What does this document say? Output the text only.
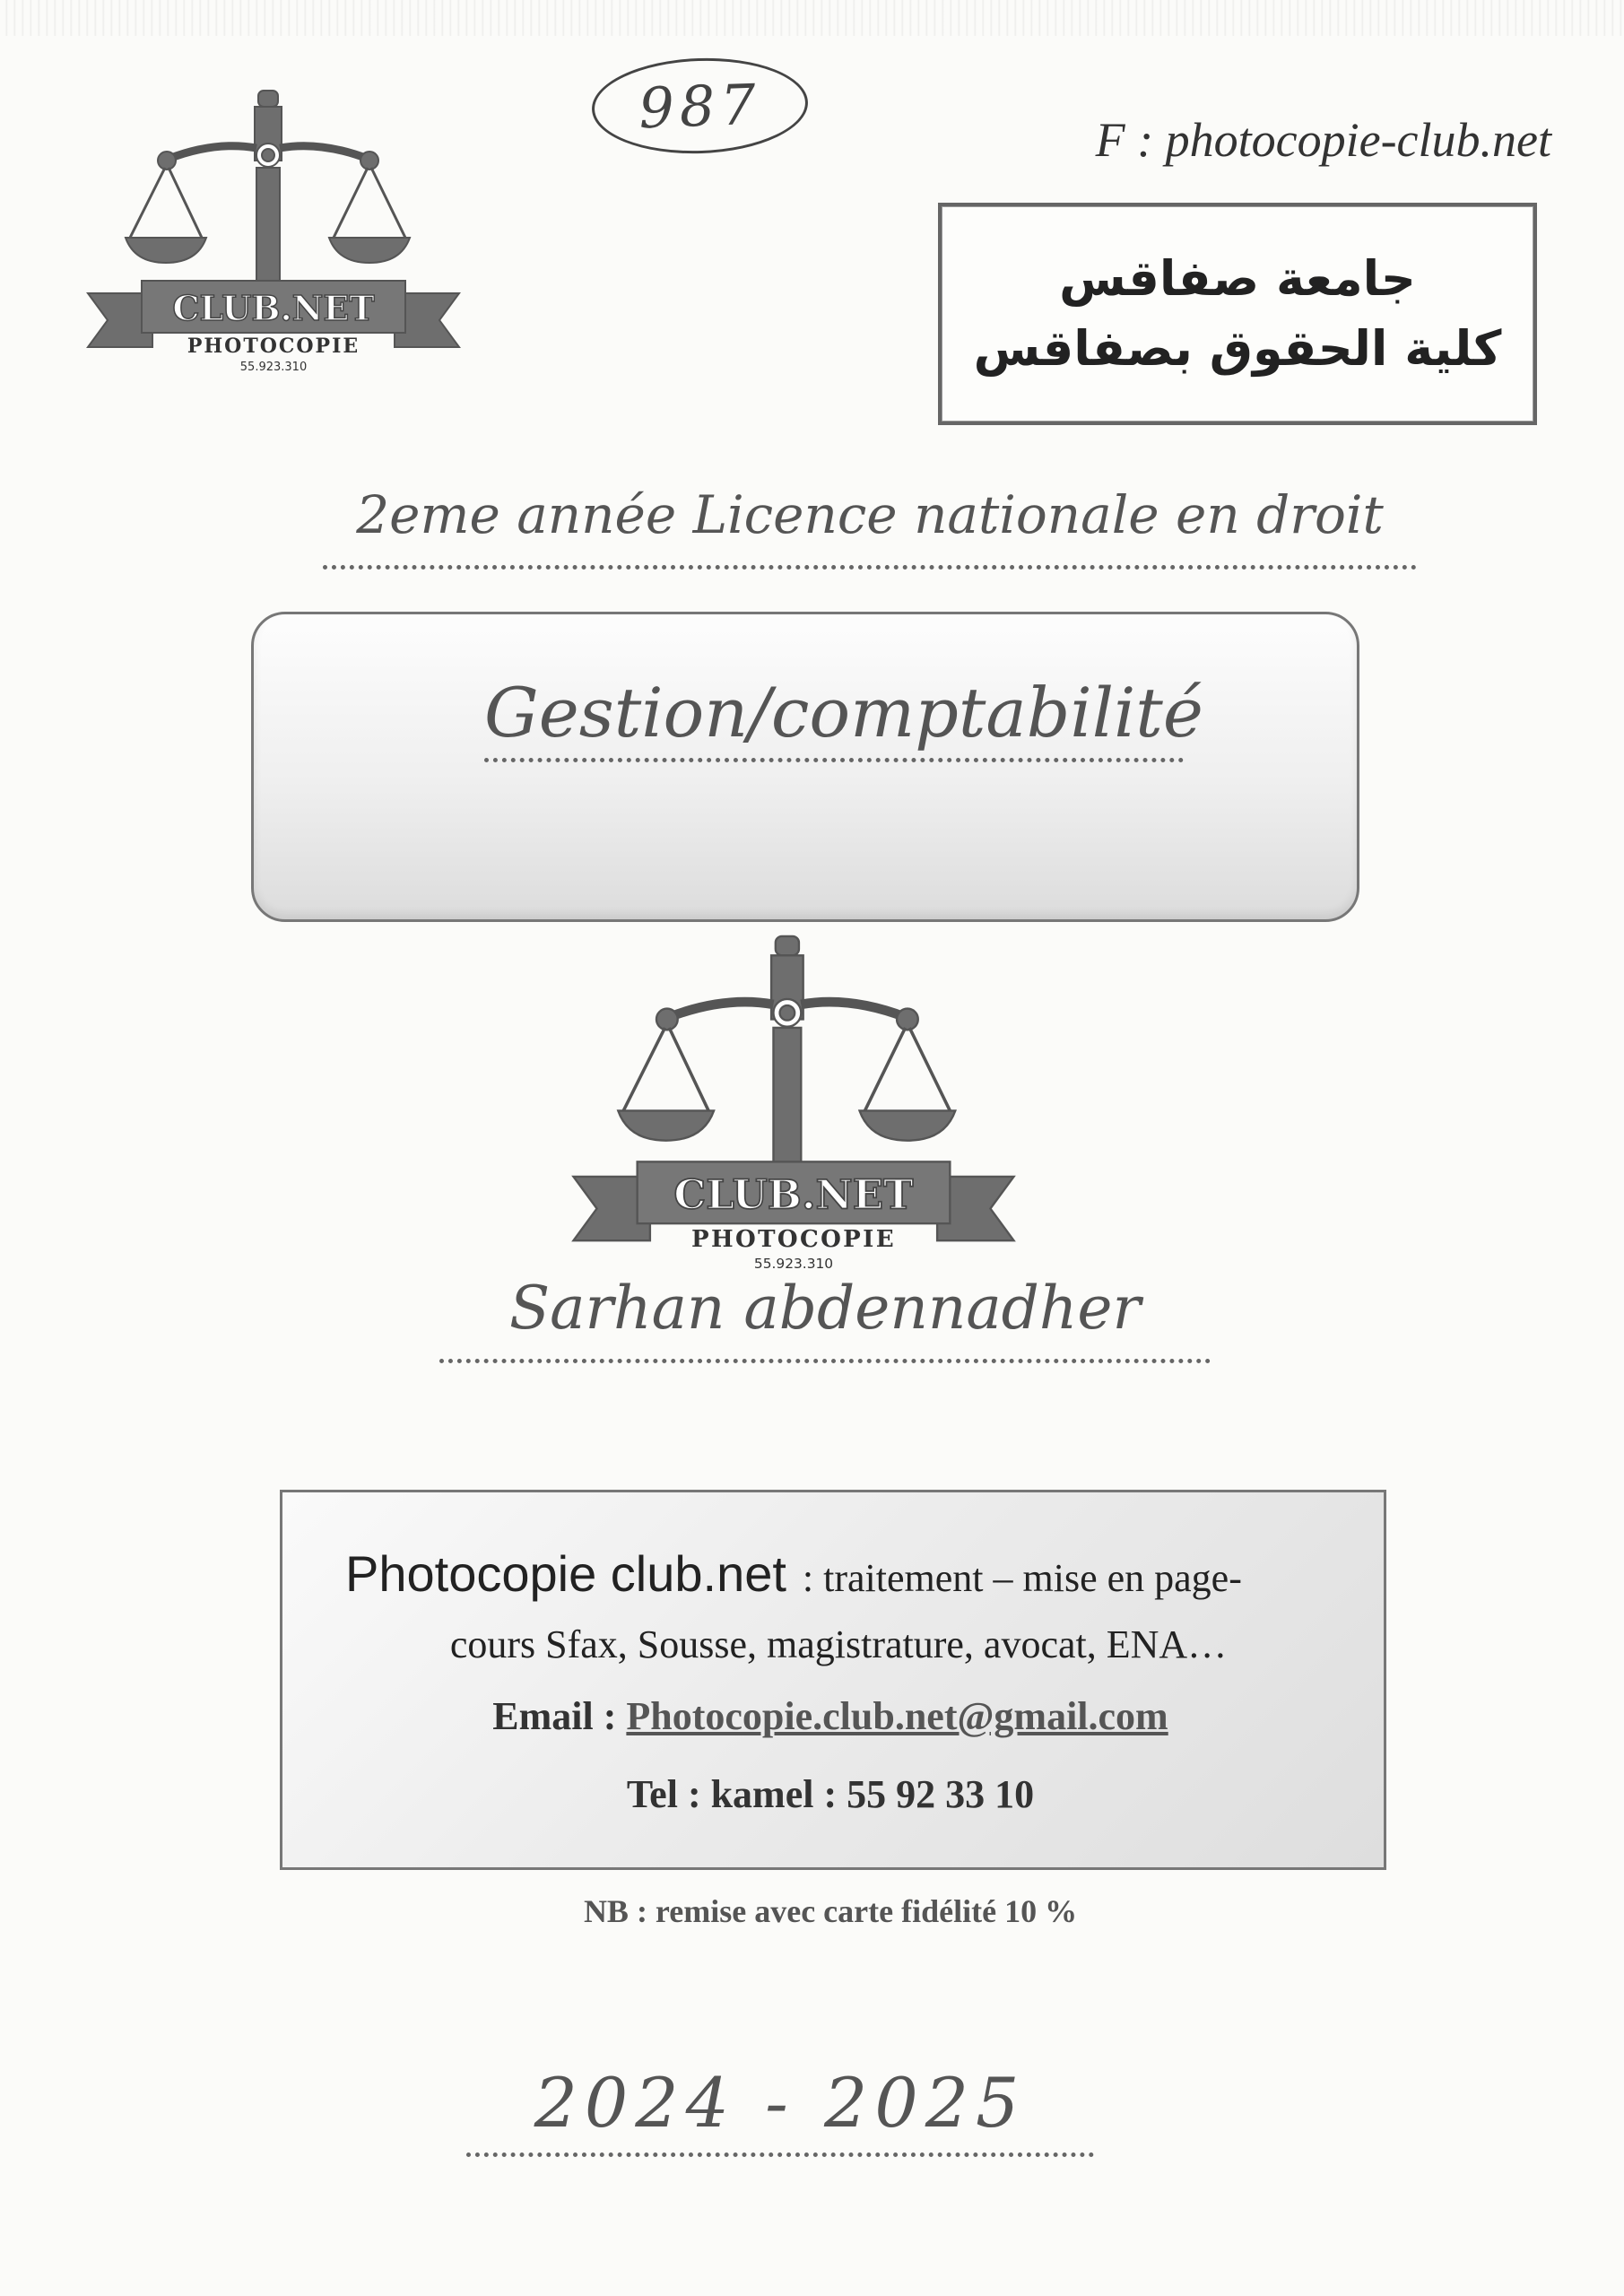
CLUB.NET
PHOTOCOPIE
55.923.310
987	F : photocopie-club.net
جامعة صفاقس
كلية الحقوق بصفاقس
2eme année Licence nationale en droit
Gestion/comptabilité
CLUB.NET
PHOTOCOPIE
55.923.310
Sarhan abdennadher
Photocopie club.net : traitement – mise en page-
cours Sfax, Sousse, magistrature, avocat, ENA…
Email : Photocopie.club.net@gmail.com
Tel : kamel : 55 92 33 10
NB : remise avec carte fidélité 10 %
2024 - 2025
